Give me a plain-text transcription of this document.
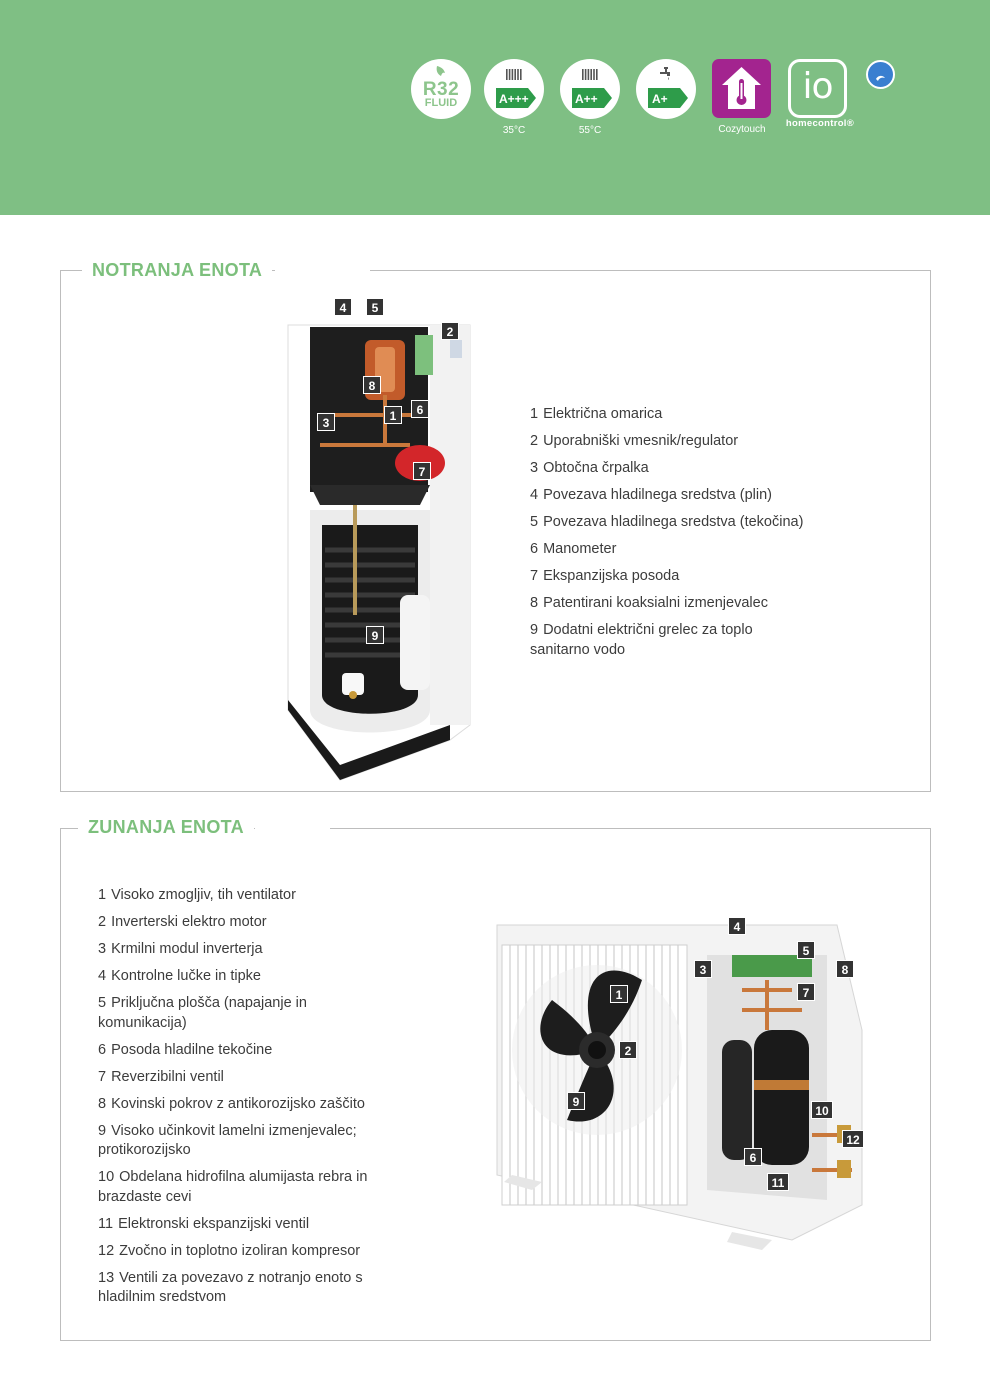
R32
FLUID	A+++
35°C
A++
55°C
A+
Cozytouch
io
homecontrol®
NOTRANJA ENOTA
4	5
2
8
3	1	6
7
9
1 Električna omarica
2 Uporabniški vmesnik/regulator
3 Obtočna črpalka
4 Povezava hladilnega sredstva (plin)
5 Povezava hladilnega sredstva (tekočina)
6 Manometer
7 Ekspanzijska posoda
8 Patentirani koaksialni izmenjevalec
9 Dodatni električni grelec za toplo sanitarno vodo
ZUNANJA ENOTA
1 Visoko zmogljiv, tih ventilator
2 Inverterski elektro motor
3 Krmilni modul inverterja
4 Kontrolne lučke in tipke
5 Priključna plošča (napajanje in komunikacija)
6 Posoda hladilne tekočine
7 Reverzibilni ventil
8 Kovinski pokrov z antikorozijsko zaščito
9 Visoko učinkovit lamelni izmenjevalec; protikorozijsko
10 Obdelana hidrofilna alumijasta rebra in brazdaste cevi
11 Elektronski ekspanzijski ventil
12 Zvočno in toplotno izoliran kompresor
13 Ventili za povezavo z notranjo enoto s hladilnim sredstvom
4
3
5
8
1	7
2
9
10
12
6
11
